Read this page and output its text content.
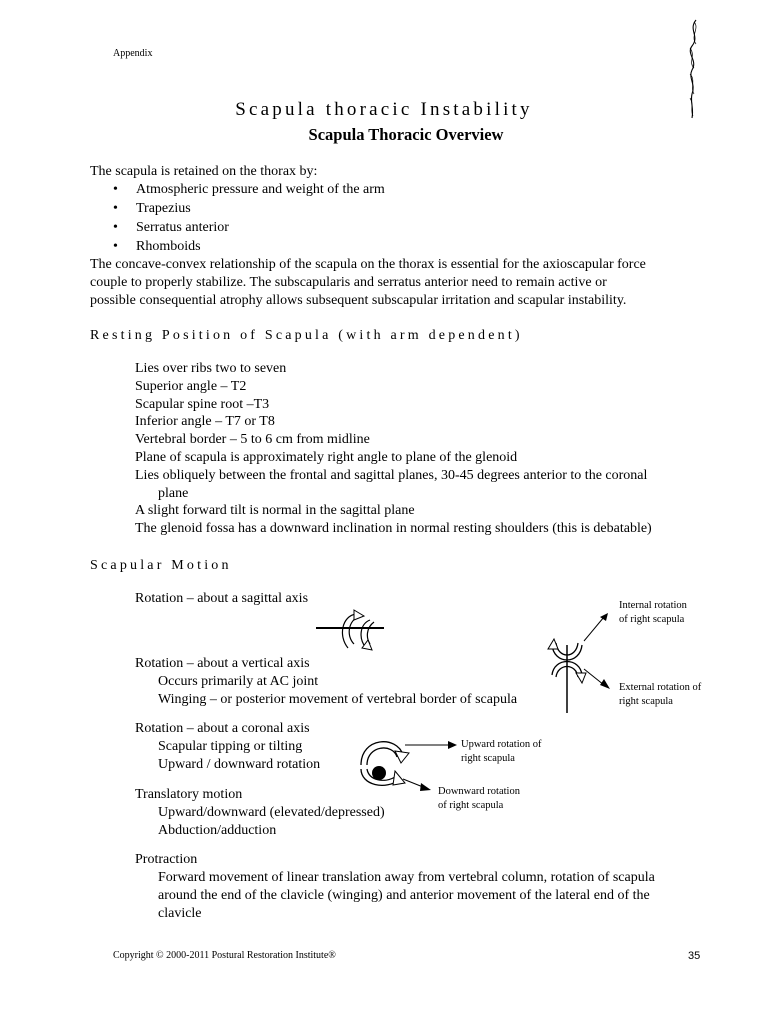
Appendix
Scapula thoracic Instability
Scapula Thoracic Overview
The scapula is retained on the thorax by:
• Atmospheric pressure and weight of the arm
• Trapezius
• Serratus anterior
• Rhomboids
The concave-convex relationship of the scapula on the thorax is essential for the axioscapular force
couple to properly stabilize. The subscapularis and serratus anterior need to remain active or
possible consequential atrophy allows subsequent subscapular irritation and scapular instability.
Resting Position of Scapula (with arm dependent)
Lies over ribs two to seven
Superior angle – T2
Scapular spine root –T3
Inferior angle – T7 or T8
Vertebral border – 5 to 6 cm from midline
Plane of scapula is approximately right angle to plane of the glenoid
Lies obliquely between the frontal and sagittal planes, 30-45 degrees anterior to the coronal
plane
A slight forward tilt is normal in the sagittal plane
The glenoid fossa has a downward inclination in normal resting shoulders (this is debatable)
Scapular Motion
Rotation – about a sagittal axis
Rotation – about a vertical axis
Occurs primarily at AC joint
Winging – or posterior movement of vertebral border of scapula
Rotation – about a coronal axis
Scapular tipping or tilting
Upward / downward rotation
Translatory motion
Upward/downward (elevated/depressed)
Abduction/adduction
Protraction
Forward movement of linear translation away from vertebral column, rotation of scapula
around the end of the clavicle (winging) and anterior movement of the lateral end of the
clavicle
Internal rotation
of right scapula
External rotation of
right scapula
Upward rotation of
right scapula
Downward rotation
of right scapula
Copyright © 2000-2011 Postural Restoration Institute®	35
